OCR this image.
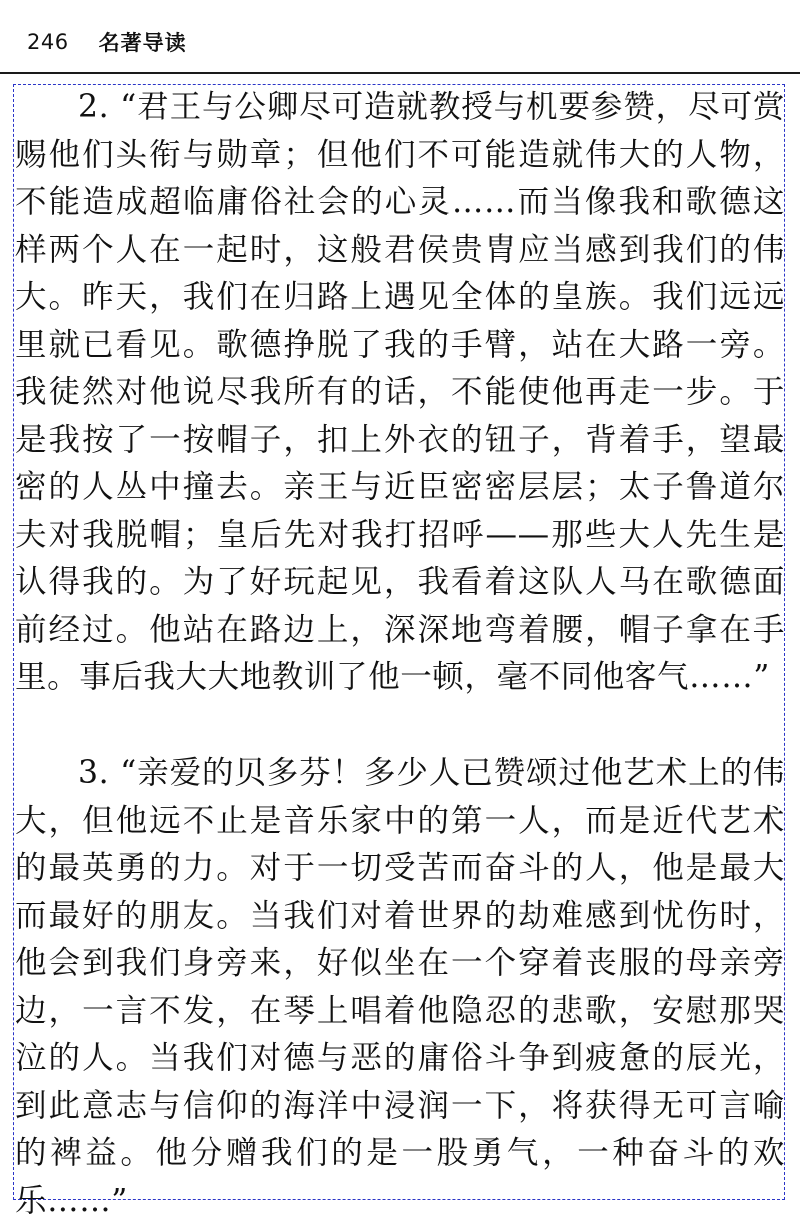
246 名著导读

2. “君王与公卿尽可造就教授与机要参赞，尽可赏赐他们头衔与勋章；但他们不可能造就伟大的人物，不能造成超临庸俗社会的心灵……而当像我和歌德这样两个人在一起时，这般君侯贵胄应当感到我们的伟大。昨天，我们在归路上遇见全体的皇族。我们远远里就已看见。歌德挣脱了我的手臂，站在大路一旁。我徒然对他说尽我所有的话，不能使他再走一步。于是我按了一按帽子，扣上外衣的钮子，背着手，望最密的人丛中撞去。亲王与近臣密密层层；太子鲁道尔夫对我脱帽；皇后先对我打招呼——那些大人先生是认得我的。为了好玩起见，我看着这队人马在歌德面前经过。他站在路边上，深深地弯着腰，帽子拿在手里。事后我大大地教训了他一顿，毫不同他客气……”

3. “亲爱的贝多芬！多少人已赞颂过他艺术上的伟大，但他远不止是音乐家中的第一人，而是近代艺术的最英勇的力。对于一切受苦而奋斗的人，他是最大而最好的朋友。当我们对着世界的劫难感到忧伤时，他会到我们身旁来，好似坐在一个穿着丧服的母亲旁边，一言不发，在琴上唱着他隐忍的悲歌，安慰那哭泣的人。当我们对德与恶的庸俗斗争到疲惫的辰光，到此意志与信仰的海洋中浸润一下，将获得无可言喻的裨益。他分赠我们的是一股勇气，一种奋斗的欢乐……”
